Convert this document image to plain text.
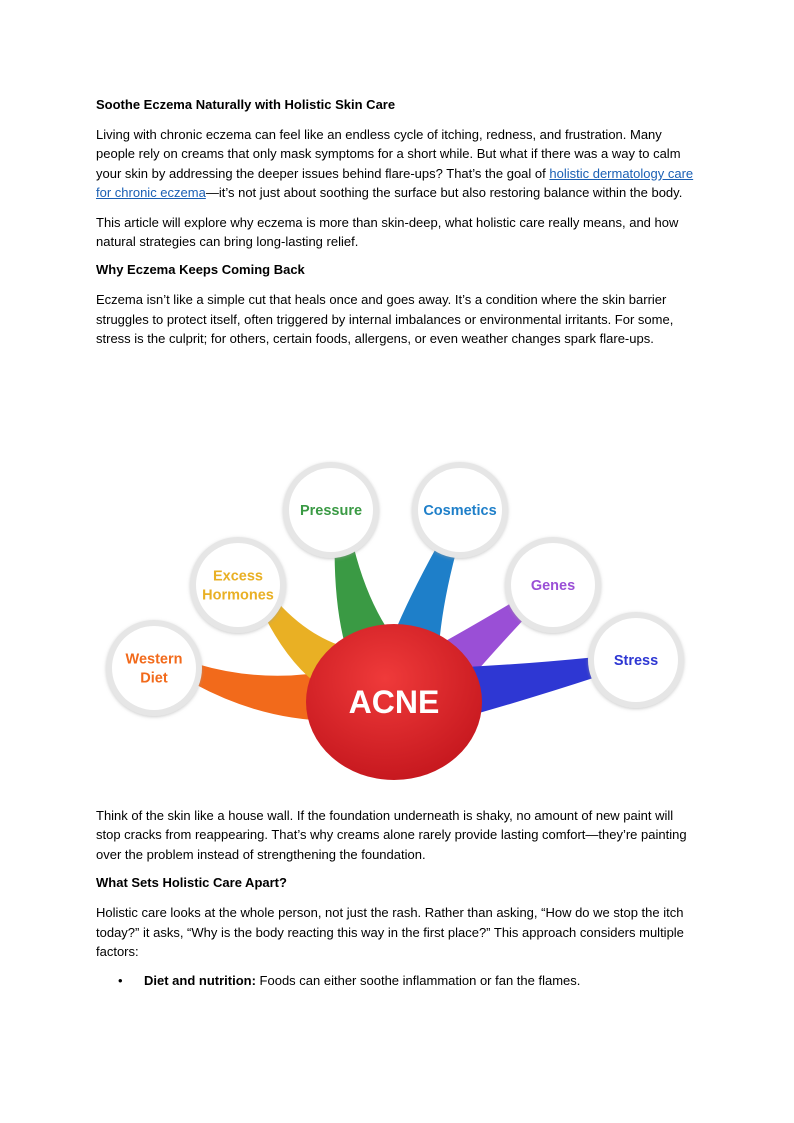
Soothe Eczema Naturally with Holistic Skin Care

Living with chronic eczema can feel like an endless cycle of itching, redness, and frustration. Many people rely on creams that only mask symptoms for a short while. But what if there was a way to calm your skin by addressing the deeper issues behind flare-ups? That’s the goal of holistic dermatology care for chronic eczema—it’s not just about soothing the surface but also restoring balance within the body.

This article will explore why eczema is more than skin-deep, what holistic care really means, and how natural strategies can bring long-lasting relief.

Why Eczema Keeps Coming Back

Eczema isn’t like a simple cut that heals once and goes away. It’s a condition where the skin barrier struggles to protect itself, often triggered by internal imbalances or environmental irritants. For some, stress is the culprit; for others, certain foods, allergens, or even weather changes spark flare-ups.

Western
Diet
Excess
Hormones
Pressure	Cosmetics
Genes
Stress
ACNE

Think of the skin like a house wall. If the foundation underneath is shaky, no amount of new paint will stop cracks from reappearing. That’s why creams alone rarely provide lasting comfort—they’re painting over the problem instead of strengthening the foundation.

What Sets Holistic Care Apart?

Holistic care looks at the whole person, not just the rash. Rather than asking, “How do we stop the itch today?” it asks, “Why is the body reacting this way in the first place?” This approach considers multiple factors:

• Diet and nutrition: Foods can either soothe inflammation or fan the flames.
